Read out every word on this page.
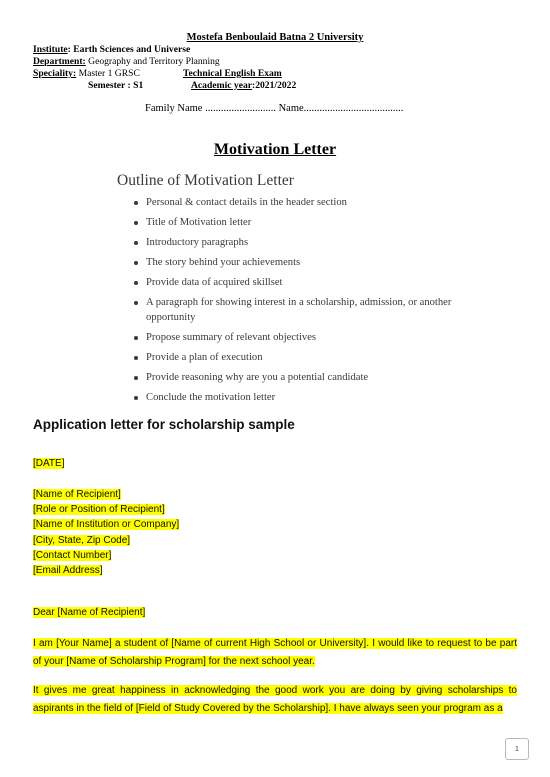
Mostefa Benboulaid Batna 2 University
Institute: Earth Sciences and Universe
Department: Geography and Territory Planning
Speciality: Master 1 GRSC	Technical English Exam
Semester : S1	Academic year:2021/2022
Family Name ........................... Name......................................
Motivation Letter
Outline of Motivation Letter
Personal & contact details in the header section
Title of Motivation letter
Introductory paragraphs
The story behind your achievements
Provide data of acquired skillset
A paragraph for showing interest in a scholarship, admission, or another opportunity
Propose summary of relevant objectives
Provide a plan of execution
Provide reasoning why are you a potential candidate
Conclude the motivation letter
Application letter for scholarship sample
[DATE]
[Name of Recipient]
[Role or Position of Recipient]
[Name of Institution or Company]
[City, State, Zip Code]
[Contact Number]
[Email Address]
Dear [Name of Recipient]
I am [Your Name] a student of [Name of current High School or University]. I would like to request to be part of your [Name of Scholarship Program] for the next school year.
It gives me great happiness in acknowledging the good work you are doing by giving scholarships to aspirants in the field of [Field of Study Covered by the Scholarship]. I have always seen your program as a
1
